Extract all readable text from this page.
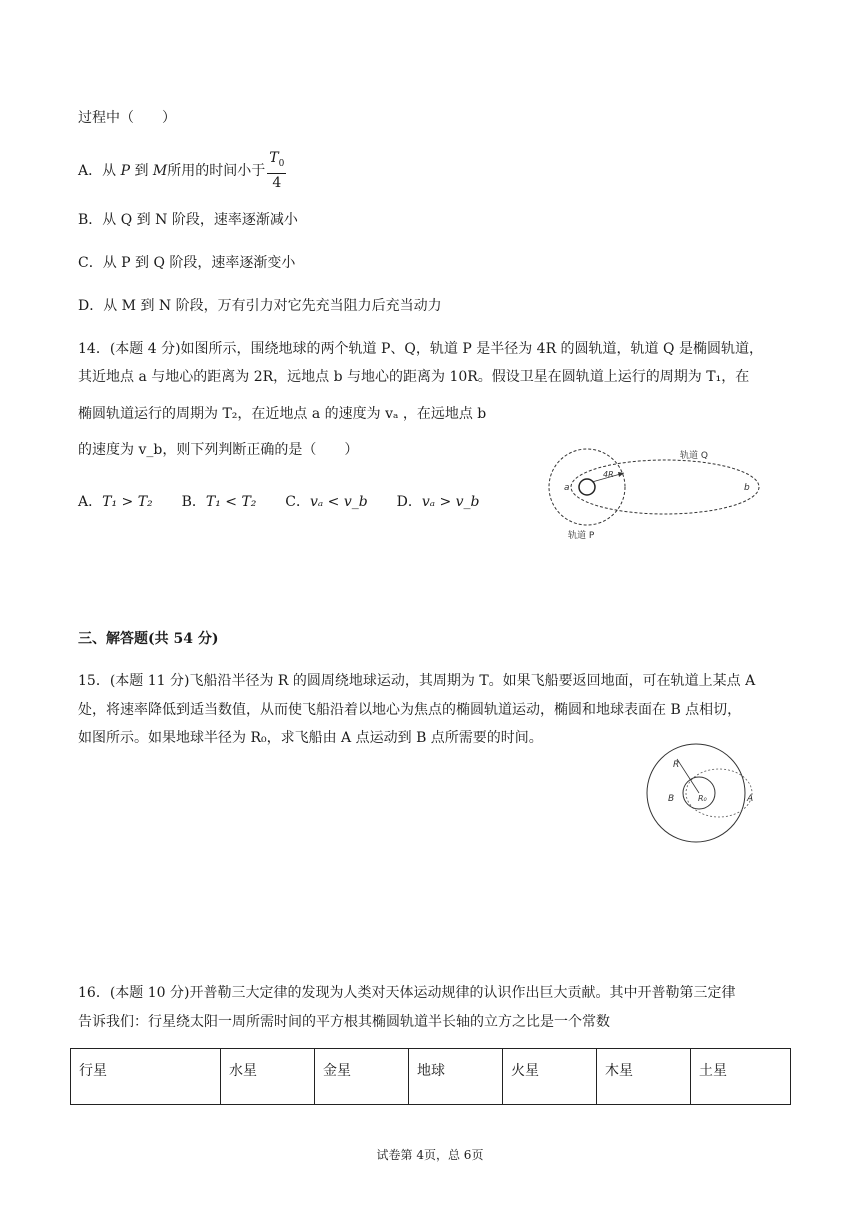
过程中（　　）
A．从 P 到 M所用的时间小于 $\frac{T_0}{4}$
B．从 Q 到 N 阶段，速率逐渐减小
C．从 P 到 Q 阶段，速率逐渐变小
D．从 M 到 N 阶段，万有引力对它先充当阻力后充当动力
14．(本题 4 分)如图所示，围绕地球的两个轨道 P、Q，轨道 P 是半径为 4R 的圆轨道，轨道 Q 是椭圆轨道，
其近地点 a 与地心的距离为 2R，远地点 b 与地心的距离为 10R。假设卫星在圆轨道上运行的周期为 T₁，在
椭圆轨道运行的周期为 T₂，在近地点 a 的速度为 vₐ ，在远地点 b
的速度为 v_b，则下列判断正确的是（　　）
A．T₁ > T₂ B．T₁ < T₂ C．vₐ < v_b D．vₐ > v_b
4R
a	b
轨道 Q
轨道 P
三、解答题(共 54 分)
15．(本题 11 分)飞船沿半径为 R 的圆周绕地球运动，其周期为 T。如果飞船要返回地面，可在轨道上某点 A
处，将速率降低到适当数值，从而使飞船沿着以地心为焦点的椭圆轨道运动，椭圆和地球表面在 B 点相切，
如图所示。如果地球半径为 R₀，求飞船由 A 点运动到 B 点所需要的时间。
R
B	R₀	A
16．(本题 10 分)开普勒三大定律的发现为人类对天体运动规律的认识作出巨大贡献。其中开普勒第三定律
告诉我们：行星绕太阳一周所需时间的平方根其椭圆轨道半长轴的立方之比是一个常数
行星	水星	金星	地球	火星	木星	土星
试卷第 4页，总 6页
